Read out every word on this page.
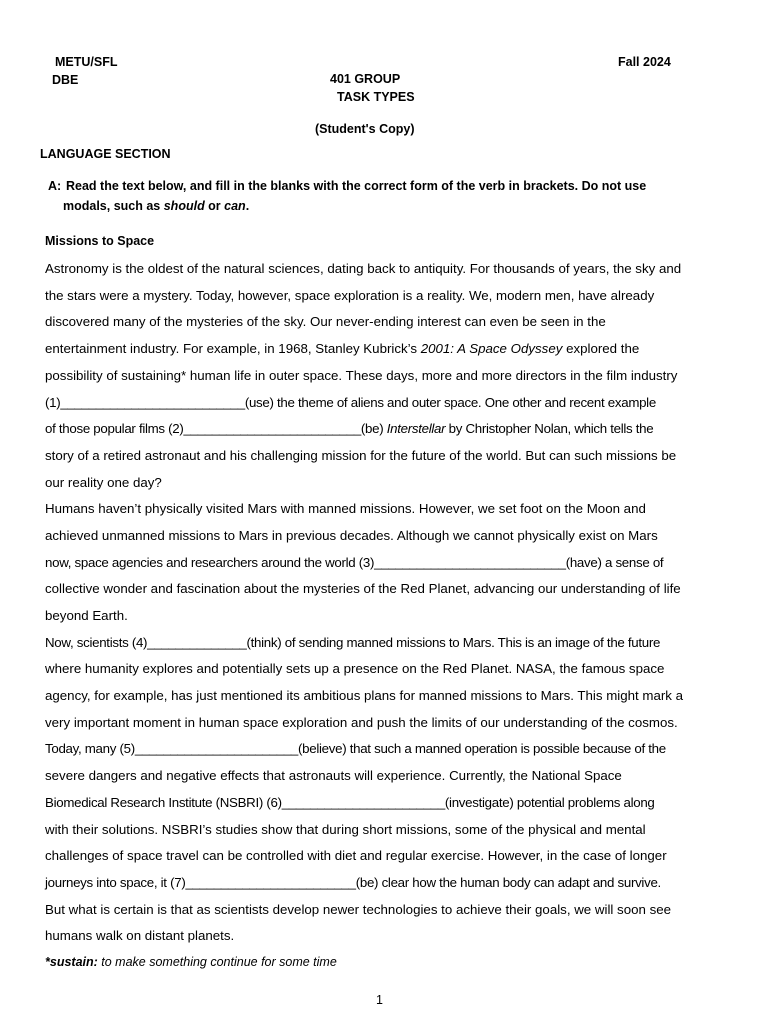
METU/SFL
DBE
Fall 2024
401 GROUP
TASK TYPES
(Student's Copy)
LANGUAGE SECTION
A: Read the text below, and fill in the blanks with the correct form of the verb in brackets. Do not use
modals, such as should or can.
Missions to Space
Astronomy is the oldest of the natural sciences, dating back to antiquity. For thousands of years, the sky and
the stars were a mystery. Today, however, space exploration is a reality. We, modern men, have already
discovered many of the mysteries of the sky. Our never-ending interest can even be seen in the
entertainment industry. For example, in 1968, Stanley Kubrick’s 2001: A Space Odyssey explored the
possibility of sustaining* human life in outer space. These days, more and more directors in the film industry
(1)__________________________(use) the theme of aliens and outer space. One other and recent example
of those popular films (2)_________________________(be) Interstellar by Christopher Nolan, which tells the
story of a retired astronaut and his challenging mission for the future of the world. But can such missions be
our reality one day?
Humans haven’t physically visited Mars with manned missions. However, we set foot on the Moon and
achieved unmanned missions to Mars in previous decades. Although we cannot physically exist on Mars
now, space agencies and researchers around the world (3)___________________________(have) a sense of
collective wonder and fascination about the mysteries of the Red Planet, advancing our understanding of life
beyond Earth.
Now, scientists (4)______________(think) of sending manned missions to Mars. This is an image of the future
where humanity explores and potentially sets up a presence on the Red Planet. NASA, the famous space
agency, for example, has just mentioned its ambitious plans for manned missions to Mars. This might mark a
very important moment in human space exploration and push the limits of our understanding of the cosmos.
Today, many (5)_______________________(believe) that such a manned operation is possible because of the
severe dangers and negative effects that astronauts will experience. Currently, the National Space
Biomedical Research Institute (NSBRI) (6)_______________________(investigate) potential problems along
with their solutions. NSBRI’s studies show that during short missions, some of the physical and mental
challenges of space travel can be controlled with diet and regular exercise. However, in the case of longer
journeys into space, it (7)________________________(be) clear how the human body can adapt and survive.
But what is certain is that as scientists develop newer technologies to achieve their goals, we will soon see
humans walk on distant planets.
*sustain: to make something continue for some time
1
